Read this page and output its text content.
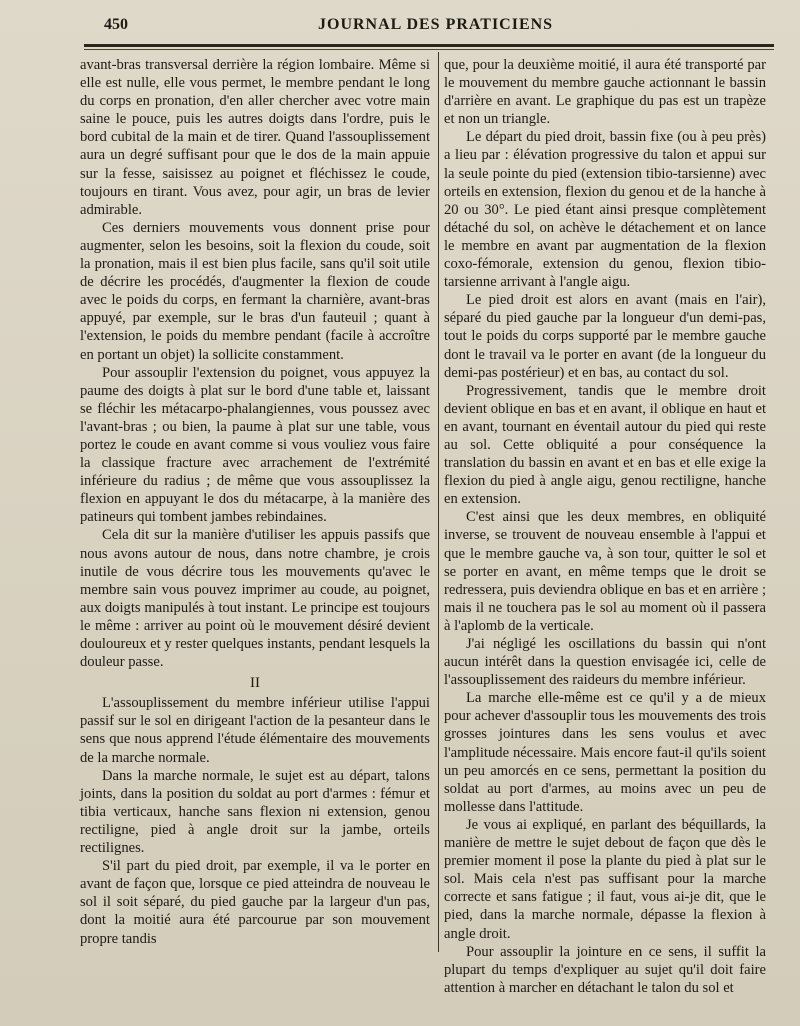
450	JOURNAL DES PRATICIENS

avant-bras transversal derrière la région lombaire. Même si elle est nulle, elle vous permet, le membre pendant le long du corps en pronation, d'en aller chercher avec votre main saine le pouce, puis les autres doigts dans l'ordre, puis le bord cubital de la main et de tirer. Quand l'assouplissement aura un degré suffisant pour que le dos de la main appuie sur la fesse, saisissez au poignet et fléchissez le coude, toujours en tirant. Vous avez, pour agir, un bras de levier admirable.

Ces derniers mouvements vous donnent prise pour augmenter, selon les besoins, soit la flexion du coude, soit la pronation, mais il est bien plus facile, sans qu'il soit utile de décrire les procédés, d'augmenter la flexion de coude avec le poids du corps, en fermant la charnière, avant-bras appuyé, par exemple, sur le bras d'un fauteuil ; quant à l'extension, le poids du membre pendant (facile à accroître en portant un objet) la sollicite constamment.

Pour assouplir l'extension du poignet, vous appuyez la paume des doigts à plat sur le bord d'une table et, laissant se fléchir les métacarpo-phalangiennes, vous poussez avec l'avant-bras ; ou bien, la paume à plat sur une table, vous portez le coude en avant comme si vous vouliez vous faire la classique fracture avec arrachement de l'extrémité inférieure du radius ; de même que vous assouplissez la flexion en appuyant le dos du métacarpe, à la manière des patineurs qui tombent jambes rebindaines.

Cela dit sur la manière d'utiliser les appuis passifs que nous avons autour de nous, dans notre chambre, je crois inutile de vous décrire tous les mouvements qu'avec le membre sain vous pouvez imprimer au coude, au poignet, aux doigts manipulés à tout instant. Le principe est toujours le même : arriver au point où le mouvement désiré devient douloureux et y rester quelques instants, pendant lesquels la douleur passe.

II

L'assouplissement du membre inférieur utilise l'appui passif sur le sol en dirigeant l'action de la pesanteur dans le sens que nous apprend l'étude élémentaire des mouvements de la marche normale.

Dans la marche normale, le sujet est au départ, talons joints, dans la position du soldat au port d'armes : fémur et tibia verticaux, hanche sans flexion ni extension, genou rectiligne, pied à angle droit sur la jambe, orteils rectilignes.

S'il part du pied droit, par exemple, il va le porter en avant de façon que, lorsque ce pied atteindra de nouveau le sol il soit séparé, du pied gauche par la largeur d'un pas, dont la moitié aura été parcourue par son mouvement propre tandis

que, pour la deuxième moitié, il aura été transporté par le mouvement du membre gauche actionnant le bassin d'arrière en avant. Le graphique du pas est un trapèze et non un triangle.

Le départ du pied droit, bassin fixe (ou à peu près) a lieu par : élévation progressive du talon et appui sur la seule pointe du pied (extension tibio-tarsienne) avec orteils en extension, flexion du genou et de la hanche à 20 ou 30°. Le pied étant ainsi presque complètement détaché du sol, on achève le détachement et on lance le membre en avant par augmentation de la flexion coxo-fémorale, extension du genou, flexion tibio-tarsienne arrivant à l'angle aigu.

Le pied droit est alors en avant (mais en l'air), séparé du pied gauche par la longueur d'un demi-pas, tout le poids du corps supporté par le membre gauche dont le travail va le porter en avant (de la longueur du demi-pas postérieur) et en bas, au contact du sol.

Progressivement, tandis que le membre droit devient oblique en bas et en avant, il oblique en haut et en avant, tournant en éventail autour du pied qui reste au sol. Cette obliquité a pour conséquence la translation du bassin en avant et en bas et elle exige la flexion du pied à angle aigu, genou rectiligne, hanche en extension.

C'est ainsi que les deux membres, en obliquité inverse, se trouvent de nouveau ensemble à l'appui et que le membre gauche va, à son tour, quitter le sol et se porter en avant, en même temps que le droit se redressera, puis deviendra oblique en bas et en arrière ; mais il ne touchera pas le sol au moment où il passera à l'aplomb de la verticale.

J'ai négligé les oscillations du bassin qui n'ont aucun intérêt dans la question envisagée ici, celle de l'assouplissement des raideurs du membre inférieur.

La marche elle-même est ce qu'il y a de mieux pour achever d'assouplir tous les mouvements des trois grosses jointures dans les sens voulus et avec l'amplitude nécessaire. Mais encore faut-il qu'ils soient un peu amorcés en ce sens, permettant la position du soldat au port d'armes, au moins avec un peu de mollesse dans l'attitude.

Je vous ai expliqué, en parlant des béquillards, la manière de mettre le sujet debout de façon que dès le premier moment il pose la plante du pied à plat sur le sol. Mais cela n'est pas suffisant pour la marche correcte et sans fatigue ; il faut, vous ai-je dit, que le pied, dans la marche normale, dépasse la flexion à angle droit.

Pour assouplir la jointure en ce sens, il suffit la plupart du temps d'expliquer au sujet qu'il doit faire attention à marcher en détachant le talon du sol et
